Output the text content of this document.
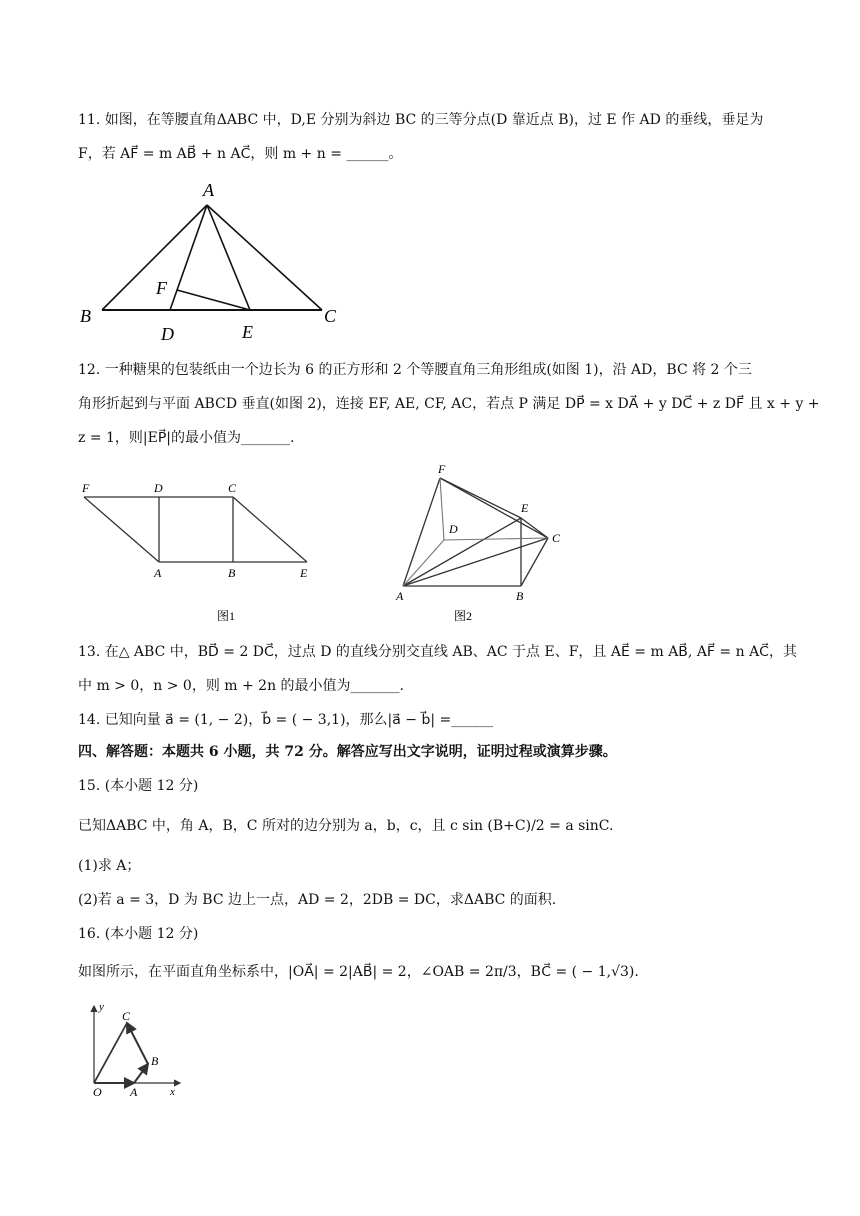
11. 如图，在等腰直角ΔABC 中，D,E 分别为斜边 BC 的三等分点(D 靠近点 B)，过 E 作 AD 的垂线，垂足为
F，若 AF⃗ = m AB⃗ + n AC⃗，则 m + n = ______。
A
B	C
D	E
F
12. 一种糖果的包装纸由一个边长为 6 的正方形和 2 个等腰直角三角形组成(如图 1)，沿 AD，BC 将 2 个三
角形折起到与平面 ABCD 垂直(如图 2)，连接 EF, AE, CF, AC，若点 P 满足 DP⃗ = x DA⃗ + y DC⃗ + z DF⃗ 且 x + y +
z = 1，则|EP⃗|的最小值为_______.
F	D	C
A	B	E
图1
F
E
D
C
A	B
图2
13. 在△ ABC 中，BD⃗ = 2 DC⃗，过点 D 的直线分别交直线 AB、AC 于点 E、F，且 AE⃗ = m AB⃗, AF⃗ = n AC⃗，其
中 m > 0，n > 0，则 m + 2n 的最小值为_______.
14. 已知向量 a⃗ = (1, − 2)，b⃗ = ( − 3,1)，那么|a⃗ − b⃗| =______
四、解答题：本题共 6 小题，共 72 分。解答应写出文字说明，证明过程或演算步骤。
15. (本小题 12 分)
已知ΔABC 中，角 A，B，C 所对的边分别为 a，b，c，且 c sin (B+C)/2 = a sinC.
(1)求 A；
(2)若 a = 3，D 为 BC 边上一点，AD = 2，2DB = DC，求ΔABC 的面积.
16. (本小题 12 分)
如图所示，在平面直角坐标系中，|OA⃗| = 2|AB⃗| = 2，∠OAB = 2π/3，BC⃗ = ( − 1,√3).
y
x
O A
B
C
